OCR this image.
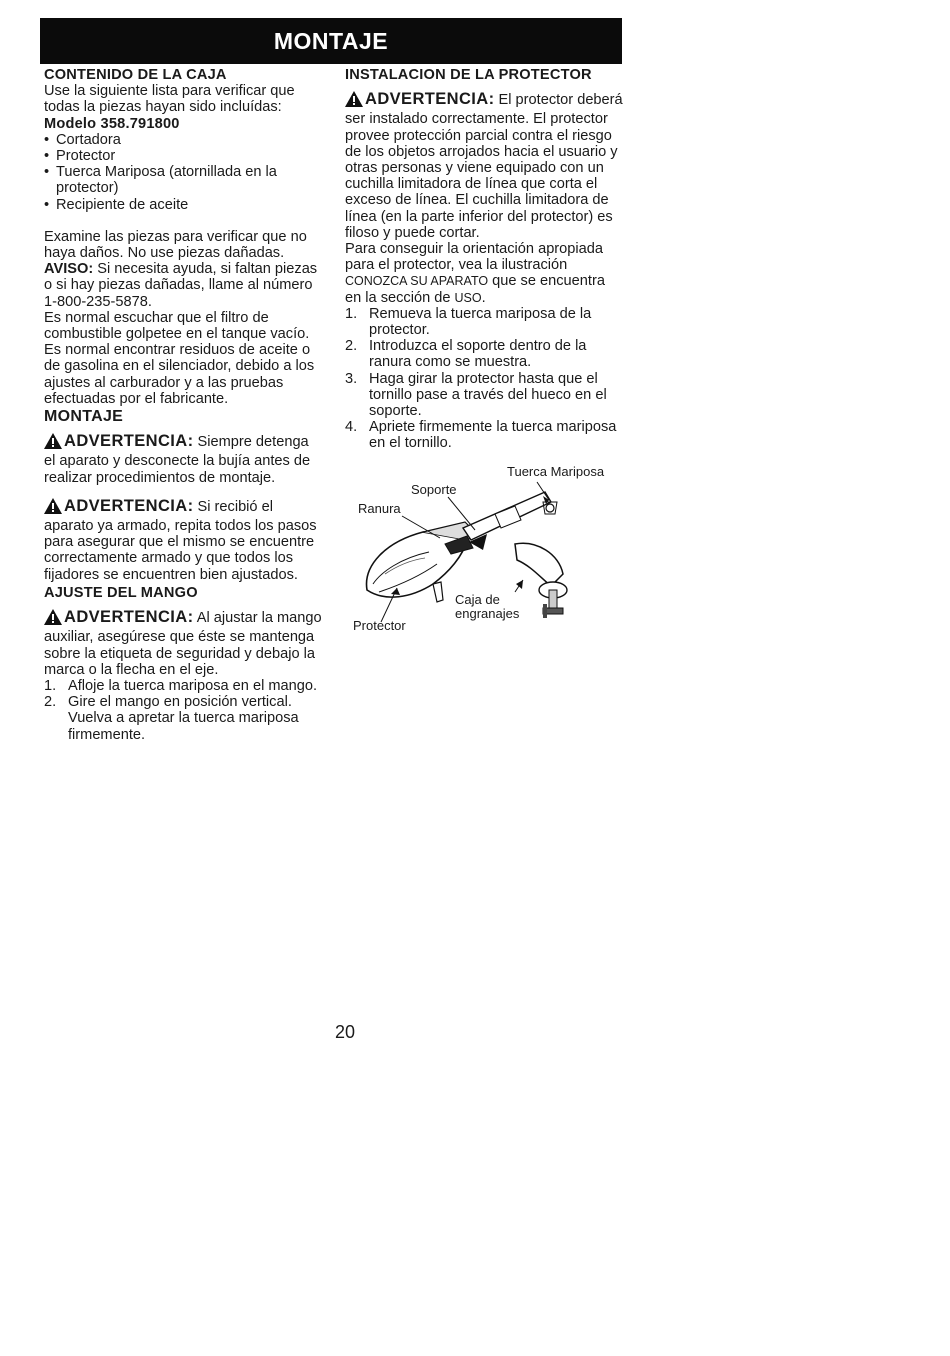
MONTAJE
CONTENIDO DE LA CAJA

Use la siguiente lista para verificar que todas la piezas hayan sido incluídas:

Modelo 358.791800
• Cortadora
• Protector
• Tuerca Mariposa (atornillada en la protector)
• Recipiente de aceite

Examine las piezas para verificar que no haya daños. No use piezas dañadas.

AVISO: Si necesita ayuda, si faltan piezas o si hay piezas dañadas, llame al número 1-800-235-5878.

Es normal escuchar que el filtro de combustible golpetee en el tanque vacío.

Es normal encontrar residuos de aceite o de gasolina en el silenciador, debido a los ajustes al carburador y a las pruebas efectuadas por el fabricante.

MONTAJE

ADVERTENCIA: Siempre detenga el aparato y desconecte la bujía antes de realizar procedimientos de montaje.

ADVERTENCIA: Si recibió el aparato ya armado, repita todos los pasos para asegurar que el mismo se encuentre correctamente armado y que todos los fijadores se encuentren bien ajustados.

AJUSTE DEL MANGO

ADVERTENCIA: Al ajustar la mango auxiliar, asegúrese que éste se mantenga sobre la etiqueta de seguridad y debajo la marca o la flecha en el eje.

1. Afloje la tuerca mariposa en el mango.
2. Gire el mango en posición vertical. Vuelva a apretar la tuerca mariposa firmemente.
INSTALACION DE LA PROTECTOR

ADVERTENCIA: El protector deberá ser instalado correctamente. El protector provee protección parcial contra el riesgo de los objetos arrojados hacia el usuario y otras personas y viene equipado con un cuchilla limitadora de línea que corta el exceso de línea. El cuchilla limitadora de línea (en la parte inferior del protector) es filoso y puede cortar.

Para conseguir la orientación apropiada para el protector, vea la ilustración CONOZCA SU APARATO que se encuentra en la sección de USO.

1. Remueva la tuerca mariposa de la protector.
2. Introduzca el soporte dentro de la ranura como se muestra.
3. Haga girar la protector hasta que el tornillo pase a través del hueco en el soporte.
4. Apriete firmemente la tuerca mariposa en el tornillo.
Tuerca Mariposa
Soporte
Ranura
Caja de
engranajes
Protector
20
